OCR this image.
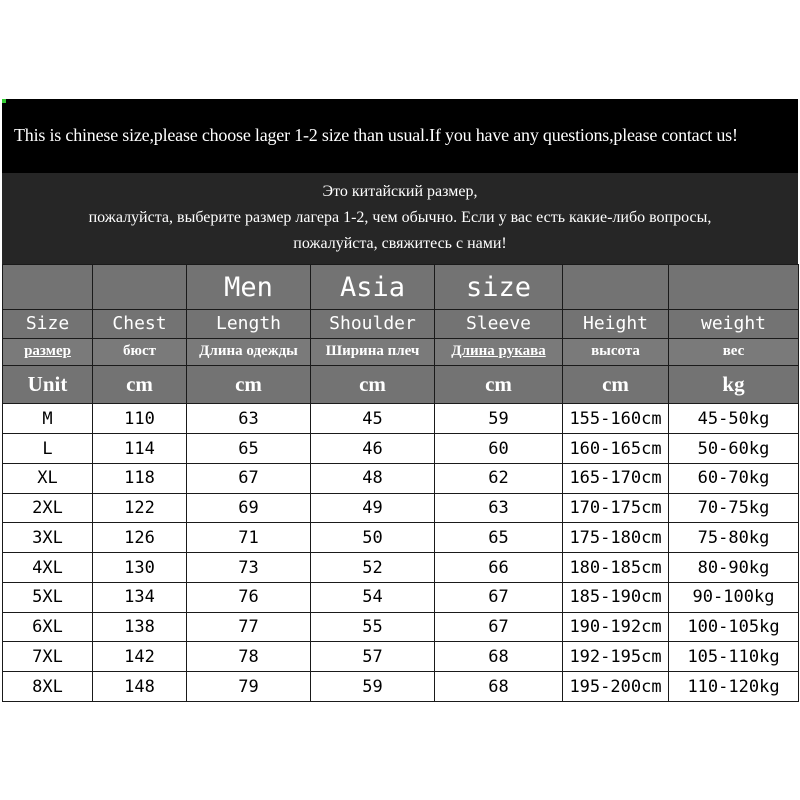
This is chinese size,please choose lager 1-2 size than usual.If you have any questions,please contact us!
Это китайский размер,
пожалуйста, выберите размер лагера 1-2, чем обычно. Если у вас есть какие-либо вопросы,
пожалуйста, свяжитесь с нами!
		Men	Asia	size		
Size	Chest	Length	Shoulder	Sleeve	Height	weight
размер	бюст	Длина одежды	Ширина плеч	Длина рукава	высота	вес
Unit	cm	cm	cm	cm	cm	kg
M	110	63	45	59	155-160cm	45-50kg
L	114	65	46	60	160-165cm	50-60kg
XL	118	67	48	62	165-170cm	60-70kg
2XL	122	69	49	63	170-175cm	70-75kg
3XL	126	71	50	65	175-180cm	75-80kg
4XL	130	73	52	66	180-185cm	80-90kg
5XL	134	76	54	67	185-190cm	90-100kg
6XL	138	77	55	67	190-192cm	100-105kg
7XL	142	78	57	68	192-195cm	105-110kg
8XL	148	79	59	68	195-200cm	110-120kg
